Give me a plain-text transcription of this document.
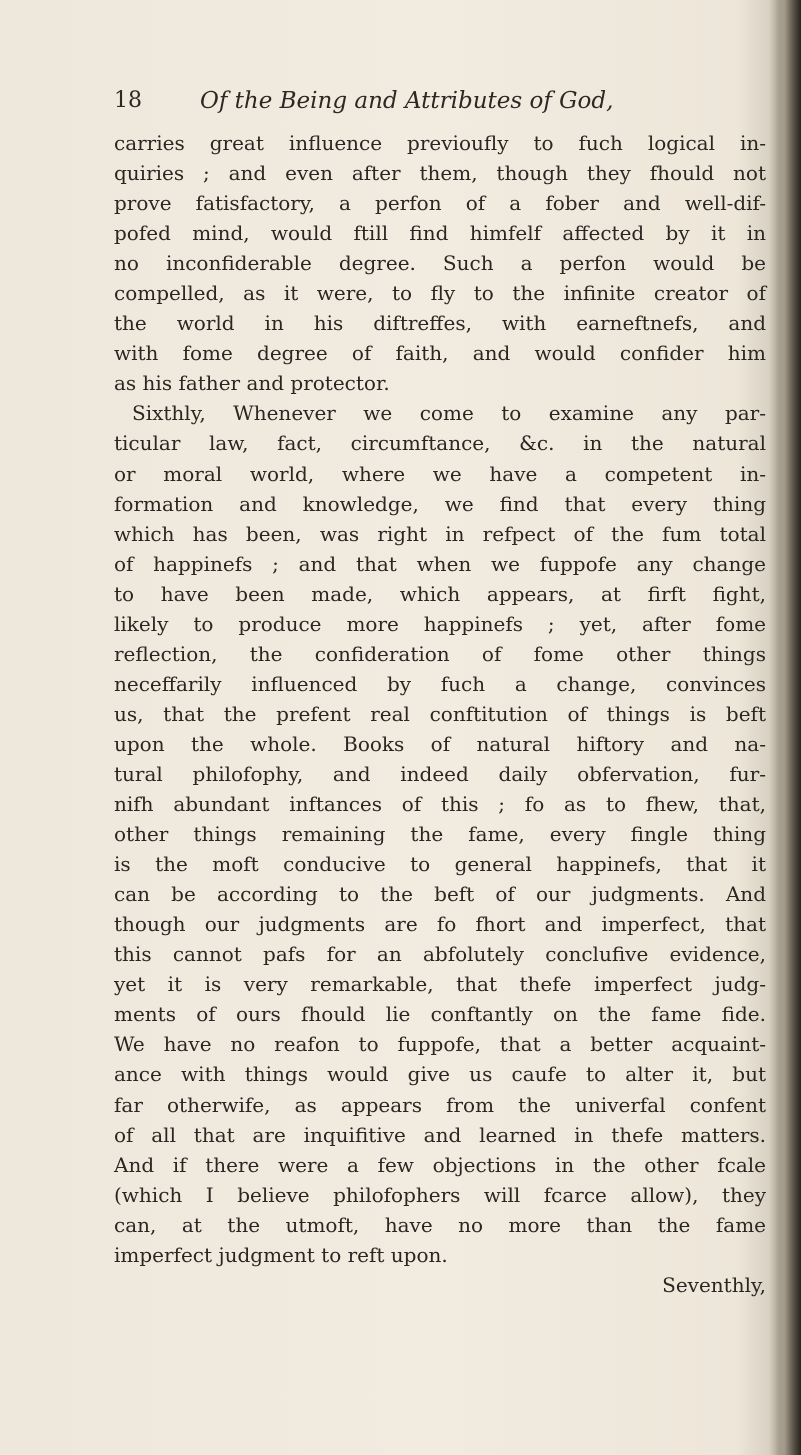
18	Of the Being and Attributes of God,
carries great influence previoufly to fuch logical in-
quiries ; and even after them, though they fhould not
prove fatisfactory, a perfon of a fober and well-dif-
pofed mind, would ftill find himfelf affected by it in
no inconfiderable degree. Such a perfon would be
compelled, as it were, to fly to the infinite creator of
the world in his diftreffes, with earneftnefs, and
with fome degree of faith, and would confider him
as his father and protector.
Sixthly, Whenever we come to examine any par-
ticular law, fact, circumftance, &c. in the natural
or moral world, where we have a competent in-
formation and knowledge, we find that every thing
which has been, was right in refpect of the fum total
of happinefs ; and that when we fuppofe any change
to have been made, which appears, at firft fight,
likely to produce more happinefs ; yet, after fome
reflection, the confideration of fome other things
neceffarily influenced by fuch a change, convinces
us, that the prefent real conftitution of things is beft
upon the whole. Books of natural hiftory and na-
tural philofophy, and indeed daily obfervation, fur-
nifh abundant inftances of this ; fo as to fhew, that,
other things remaining the fame, every fingle thing
is the moft conducive to general happinefs, that it
can be according to the beft of our judgments. And
though our judgments are fo fhort and imperfect, that
this cannot pafs for an abfolutely conclufive evidence,
yet it is very remarkable, that thefe imperfect judg-
ments of ours fhould lie conftantly on the fame fide.
We have no reafon to fuppofe, that a better acquaint-
ance with things would give us caufe to alter it, but
far otherwife, as appears from the univerfal confent
of all that are inquifitive and learned in thefe matters.
And if there were a few objections in the other fcale
(which I believe philofophers will fcarce allow), they
can, at the utmoft, have no more than the fame
imperfect judgment to reft upon.
Seventhly,
